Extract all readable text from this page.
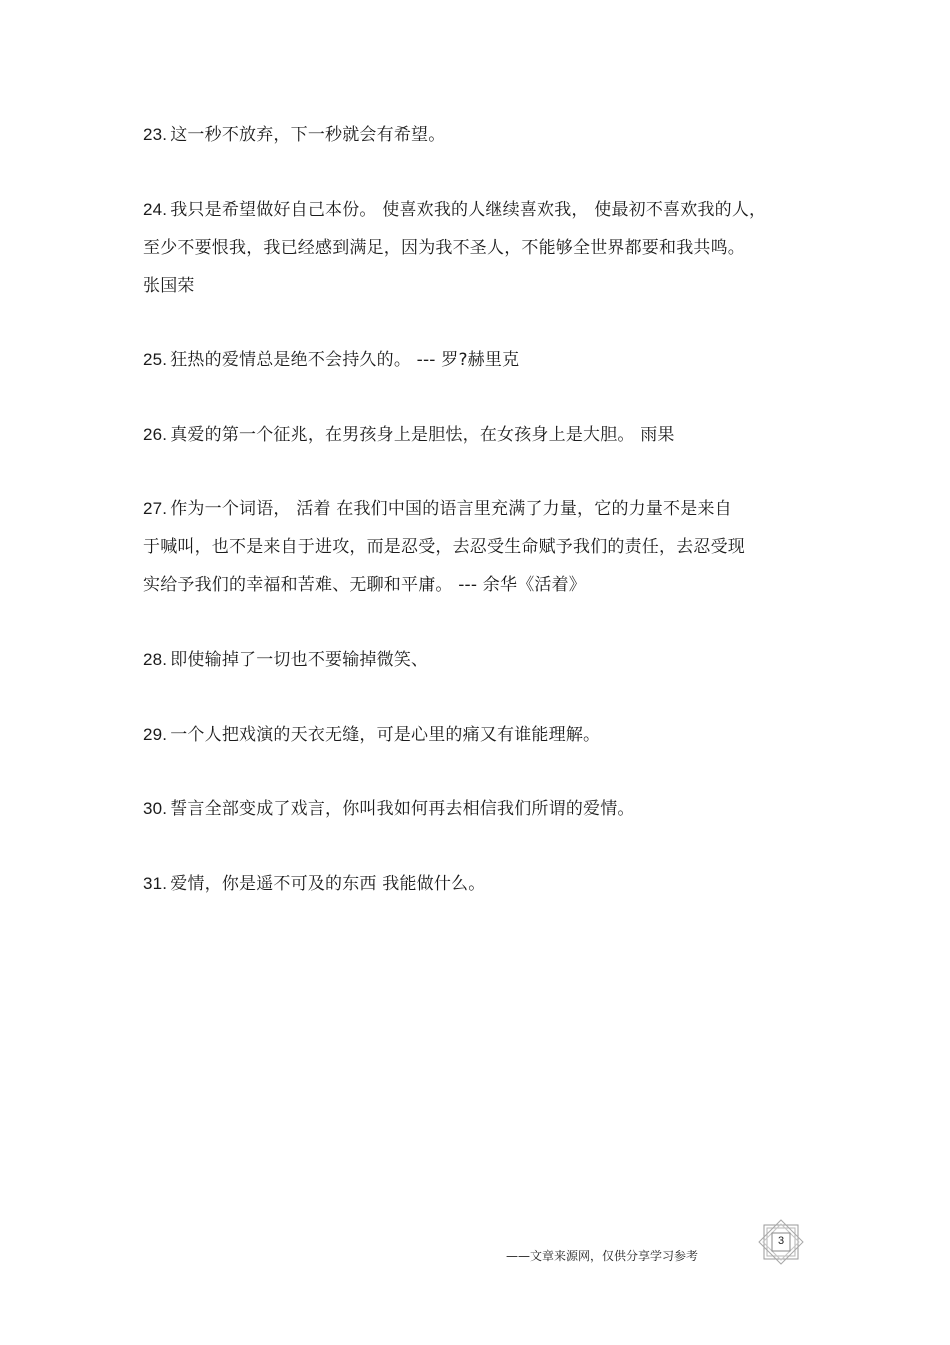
23. 这一秒不放弃，下一秒就会有希望。
24. 我只是希望做好自己本份。 使喜欢我的人继续喜欢我， 使最初不喜欢我的人，
至少不要恨我，我已经感到满足，因为我不圣人，不能够全世界都要和我共鸣。
张国荣
25. 狂热的爱情总是绝不会持久的。 --- 罗?赫里克
26. 真爱的第一个征兆，在男孩身上是胆怯，在女孩身上是大胆。 雨果
27. 作为一个词语， 活着 在我们中国的语言里充满了力量，它的力量不是来自
于喊叫，也不是来自于进攻，而是忍受，去忍受生命赋予我们的责任，去忍受现
实给予我们的幸福和苦难、无聊和平庸。 --- 余华《活着》
28. 即使输掉了一切也不要输掉微笑、
29. 一个人把戏演的天衣无缝，可是心里的痛又有谁能理解。
30. 誓言全部变成了戏言，你叫我如何再去相信我们所谓的爱情。
31. 爱情，你是遥不可及的东西 我能做什么。
——文章来源网，仅供分享学习参考
3
